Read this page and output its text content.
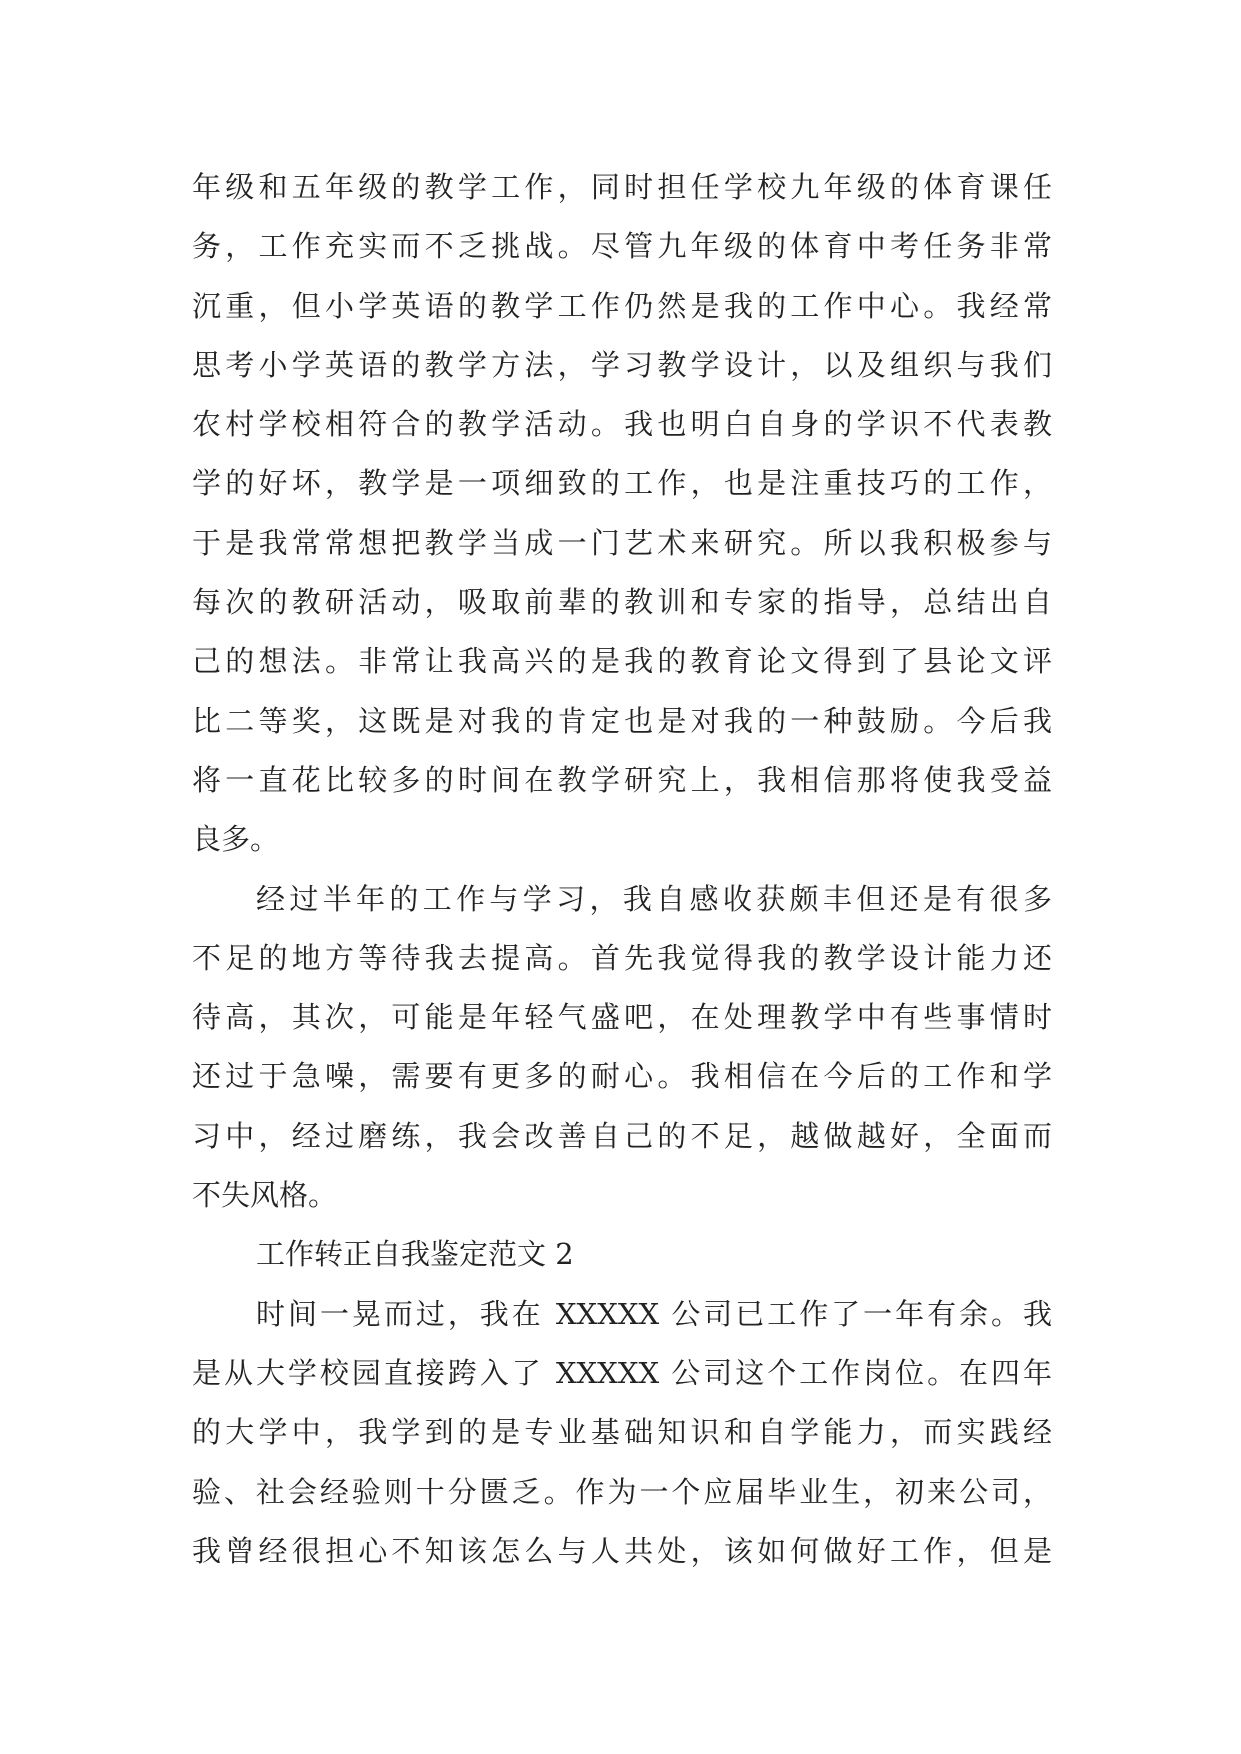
年级和五年级的教学工作，同时担任学校九年级的体育课任
务，工作充实而不乏挑战。尽管九年级的体育中考任务非常
沉重，但小学英语的教学工作仍然是我的工作中心。我经常
思考小学英语的教学方法，学习教学设计，以及组织与我们
农村学校相符合的教学活动。我也明白自身的学识不代表教
学的好坏，教学是一项细致的工作，也是注重技巧的工作，
于是我常常想把教学当成一门艺术来研究。所以我积极参与
每次的教研活动，吸取前辈的教训和专家的指导，总结出自
己的想法。非常让我高兴的是我的教育论文得到了县论文评
比二等奖，这既是对我的肯定也是对我的一种鼓励。今后我
将一直花比较多的时间在教学研究上，我相信那将使我受益
良多。
经过半年的工作与学习，我自感收获颇丰但还是有很多
不足的地方等待我去提高。首先我觉得我的教学设计能力还
待高，其次，可能是年轻气盛吧，在处理教学中有些事情时
还过于急噪，需要有更多的耐心。我相信在今后的工作和学
习中，经过磨练，我会改善自己的不足，越做越好，全面而
不失风格。
工作转正自我鉴定范文 2
时间一晃而过，我在 XXXXX 公司已工作了一年有余。我
是从大学校园直接跨入了 XXXXX 公司这个工作岗位。在四年
的大学中，我学到的是专业基础知识和自学能力，而实践经
验、社会经验则十分匮乏。作为一个应届毕业生，初来公司，
我曾经很担心不知该怎么与人共处，该如何做好工作，但是
